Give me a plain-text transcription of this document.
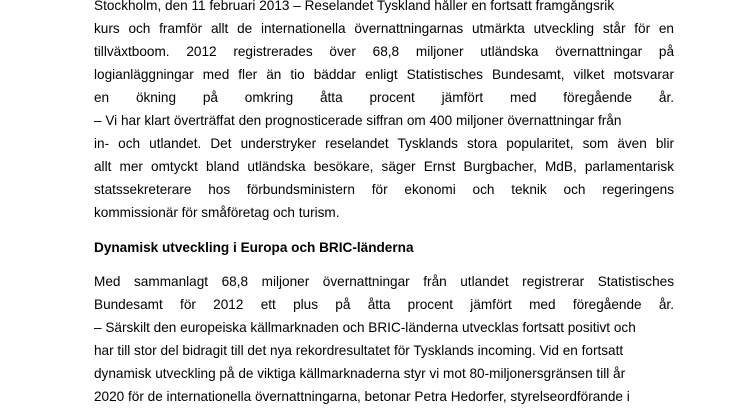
Stockholm, den 11 februari 2013 – Reselandet Tyskland håller en fortsatt framgångsrik
kurs och framför allt de internationella övernattningarnas utmärkta utveckling står för en
tillväxtboom. 2012 registrerades över 68,8 miljoner utländska övernattningar på
logianläggningar med fler än tio bäddar enligt Statistisches Bundesamt, vilket motsvarar
en ökning på omkring åtta procent jämfört med föregående år.
– Vi har klart överträffat den prognosticerade siffran om 400 miljoner övernattningar från
in- och utlandet. Det understryker reselandet Tysklands stora popularitet, som även blir
allt mer omtyckt bland utländska besökare, säger Ernst Burgbacher, MdB, parlamentarisk
statssekreterare hos förbundsministern för ekonomi och teknik och regeringens
kommissionär för småföretag och turism.
Dynamisk utveckling i Europa och BRIC-länderna
Med sammanlagt 68,8 miljoner övernattningar från utlandet registrerar Statistisches
Bundesamt för 2012 ett plus på åtta procent jämfört med föregående år.
– Särskilt den europeiska källmarknaden och BRIC-länderna utvecklas fortsatt positivt och
har till stor del bidragit till det nya rekordresultatet för Tysklands incoming. Vid en fortsatt
dynamisk utveckling på de viktiga källmarknaderna styr vi mot 80-miljonersgränsen till år
2020 för de internationella övernattningarna, betonar Petra Hedorfer, styrelseordförande i
